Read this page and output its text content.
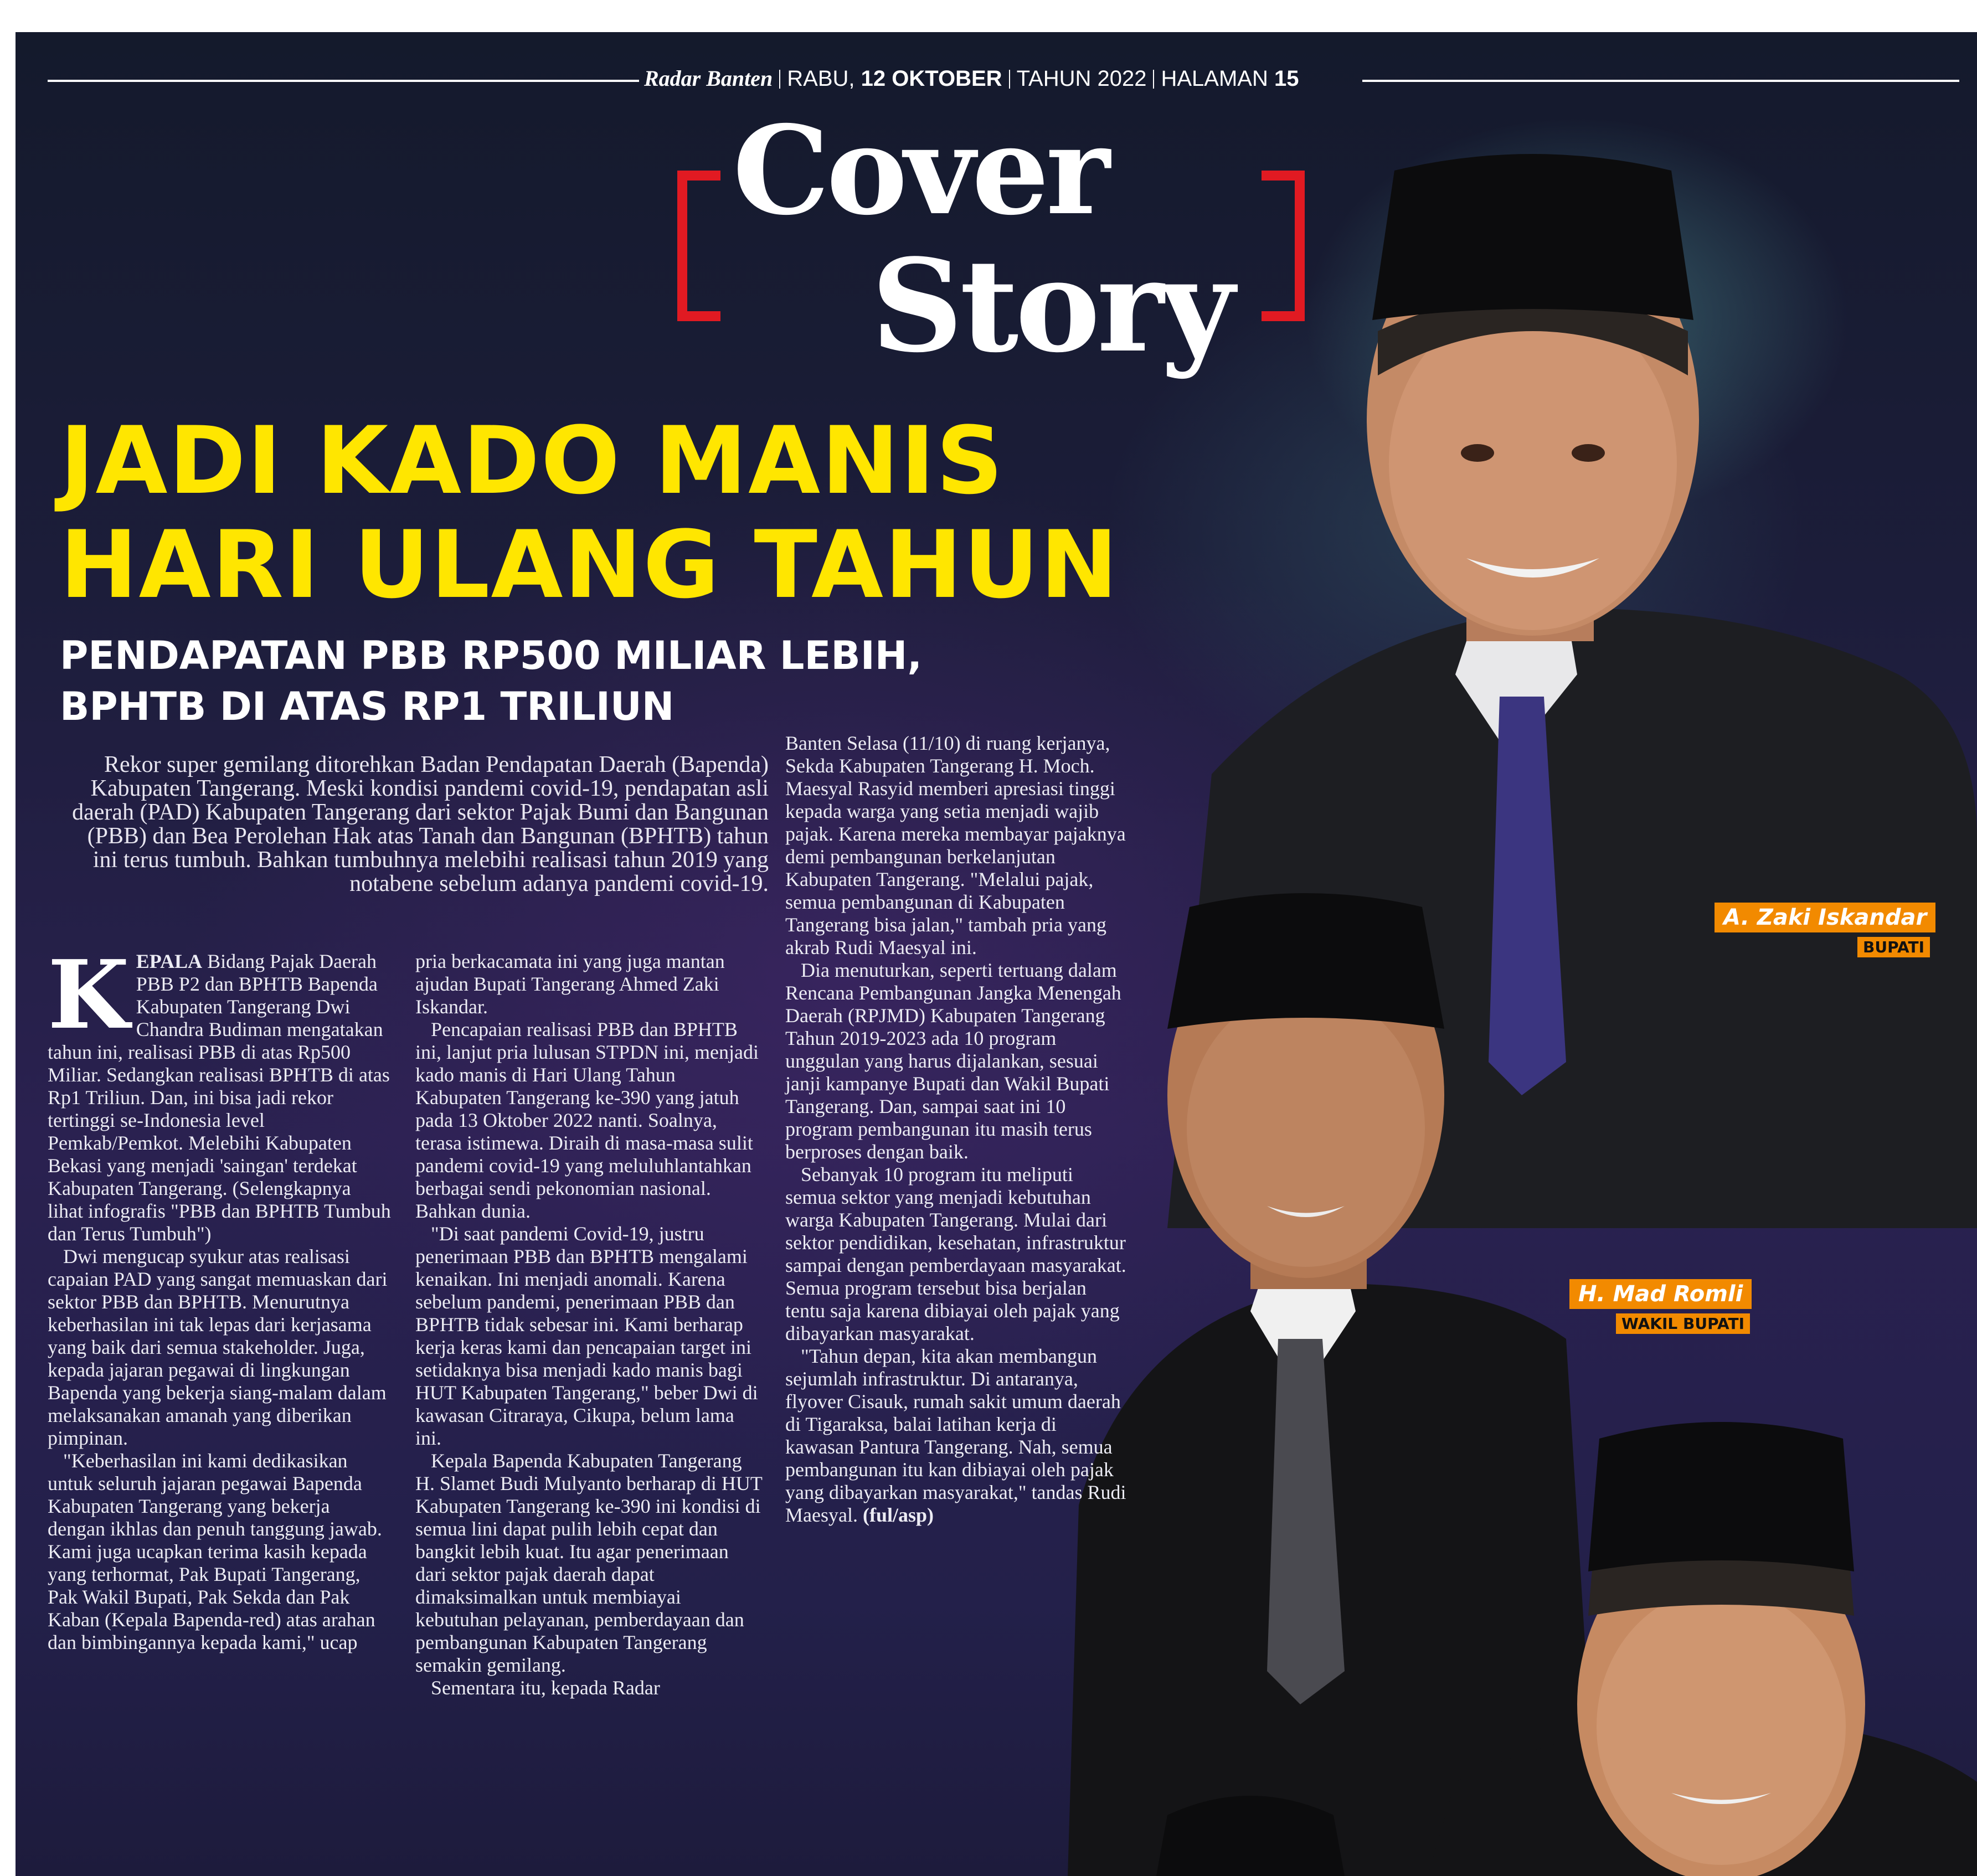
Radar Banten RABU, 12 OKTOBER TAHUN 2022 HALAMAN 15
Cover
Story
JADI KADO MANIS
HARI ULANG TAHUN
PENDAPATAN PBB RP500 MILIAR LEBIH,
BPHTB DI ATAS RP1 TRILIUN
Rekor super gemilang ditorehkan Badan Pendapatan Daerah (Bapenda) Kabupaten Tangerang. Meski kondisi pandemi covid-19, pendapatan asli daerah (PAD) Kabupaten Tangerang dari sektor Pajak Bumi dan Bangunan (PBB) dan Bea Perolehan Hak atas Tanah dan Bangunan (BPHTB) tahun ini terus tumbuh. Bahkan tumbuhnya melebihi realisasi tahun 2019 yang notabene sebelum adanya pandemi covid-19.
A. Zaki Iskandar
BUPATI
H. Mad Romli
WAKIL BUPATI

KEPALA Bidang Pajak Daerah PBB P2 dan BPHTB Bapenda Kabupaten Tangerang Dwi Chandra Budiman mengatakan tahun ini, realisasi PBB di atas Rp500 Miliar. Sedangkan realisasi BPHTB di atas Rp1 Triliun. Dan, ini bisa jadi rekor tertinggi se-Indonesia level Pemkab/Pemkot. Melebihi Kabupaten Bekasi yang menjadi 'saingan' terdekat Kabupaten Tangerang. (Selengkapnya lihat infografis "PBB dan BPHTB Tumbuh dan Terus Tumbuh")

Dwi mengucap syukur atas realisasi capaian PAD yang sangat memuaskan dari sektor PBB dan BPHTB. Menurutnya keberhasilan ini tak lepas dari kerjasama yang baik dari semua stakeholder. Juga, kepada jajaran pegawai di lingkungan Bapenda yang bekerja siang-malam dalam melaksanakan amanah yang diberikan pimpinan.

"Keberhasilan ini kami dedikasikan untuk seluruh jajaran pegawai Bapenda Kabupaten Tangerang yang bekerja dengan ikhlas dan penuh tanggung jawab. Kami juga ucapkan terima kasih kepada yang terhormat, Pak Bupati Tangerang, Pak Wakil Bupati, Pak Sekda dan Pak Kaban (Kepala Bapenda-red) atas arahan dan bimbingannya kepada kami," ucap

pria berkacamata ini yang juga mantan ajudan Bupati Tangerang Ahmed Zaki Iskandar.

Pencapaian realisasi PBB dan BPHTB ini, lanjut pria lulusan STPDN ini, menjadi kado manis di Hari Ulang Tahun Kabupaten Tangerang ke-390 yang jatuh pada 13 Oktober 2022 nanti. Soalnya, terasa istimewa. Diraih di masa-masa sulit pandemi covid-19 yang meluluhlantahkan berbagai sendi pekonomian nasional. Bahkan dunia.

"Di saat pandemi Covid-19, justru penerimaan PBB dan BPHTB mengalami kenaikan. Ini menjadi anomali. Karena sebelum pandemi, penerimaan PBB dan BPHTB tidak sebesar ini. Kami berharap kerja keras kami dan pencapaian target ini setidaknya bisa menjadi kado manis bagi HUT Kabupaten Tangerang," beber Dwi di kawasan Citraraya, Cikupa, belum lama ini.

Kepala Bapenda Kabupaten Tangerang H. Slamet Budi Mulyanto berharap di HUT Kabupaten Tangerang ke-390 ini kondisi di semua lini dapat pulih lebih cepat dan bangkit lebih kuat. Itu agar penerimaan dari sektor pajak daerah dapat dimaksimalkan untuk membiayai kebutuhan pelayanan, pemberdayaan dan pembangunan Kabupaten Tangerang semakin gemilang.

Sementara itu, kepada Radar

Banten Selasa (11/10) di ruang kerjanya, Sekda Kabupaten Tangerang H. Moch. Maesyal Rasyid memberi apresiasi tinggi kepada warga yang setia menjadi wajib pajak. Karena mereka membayar pajaknya demi pembangunan berkelanjutan Kabupaten Tangerang. "Melalui pajak, semua pembangunan di Kabupaten Tangerang bisa jalan," tambah pria yang akrab Rudi Maesyal ini.

Dia menuturkan, seperti tertuang dalam Rencana Pembangunan Jangka Menengah Daerah (RPJMD) Kabupaten Tangerang Tahun 2019-2023 ada 10 program unggulan yang harus dijalankan, sesuai janji kampanye Bupati dan Wakil Bupati Tangerang. Dan, sampai saat ini 10 program pembangunan itu masih terus berproses dengan baik.

Sebanyak 10 program itu meliputi semua sektor yang menjadi kebutuhan warga Kabupaten Tangerang. Mulai dari sektor pendidikan, kesehatan, infrastruktur sampai dengan pemberdayaan masyarakat. Semua program tersebut bisa berjalan tentu saja karena dibiayai oleh pajak yang dibayarkan masyarakat.

"Tahun depan, kita akan membangun sejumlah infrastruktur. Di antaranya, flyover Cisauk, rumah sakit umum daerah di Tigaraksa, balai latihan kerja di kawasan Pantura Tangerang. Nah, semua pembangunan itu kan dibiayai oleh pajak yang dibayarkan masyarakat," tandas Rudi Maesyal. (ful/asp)
